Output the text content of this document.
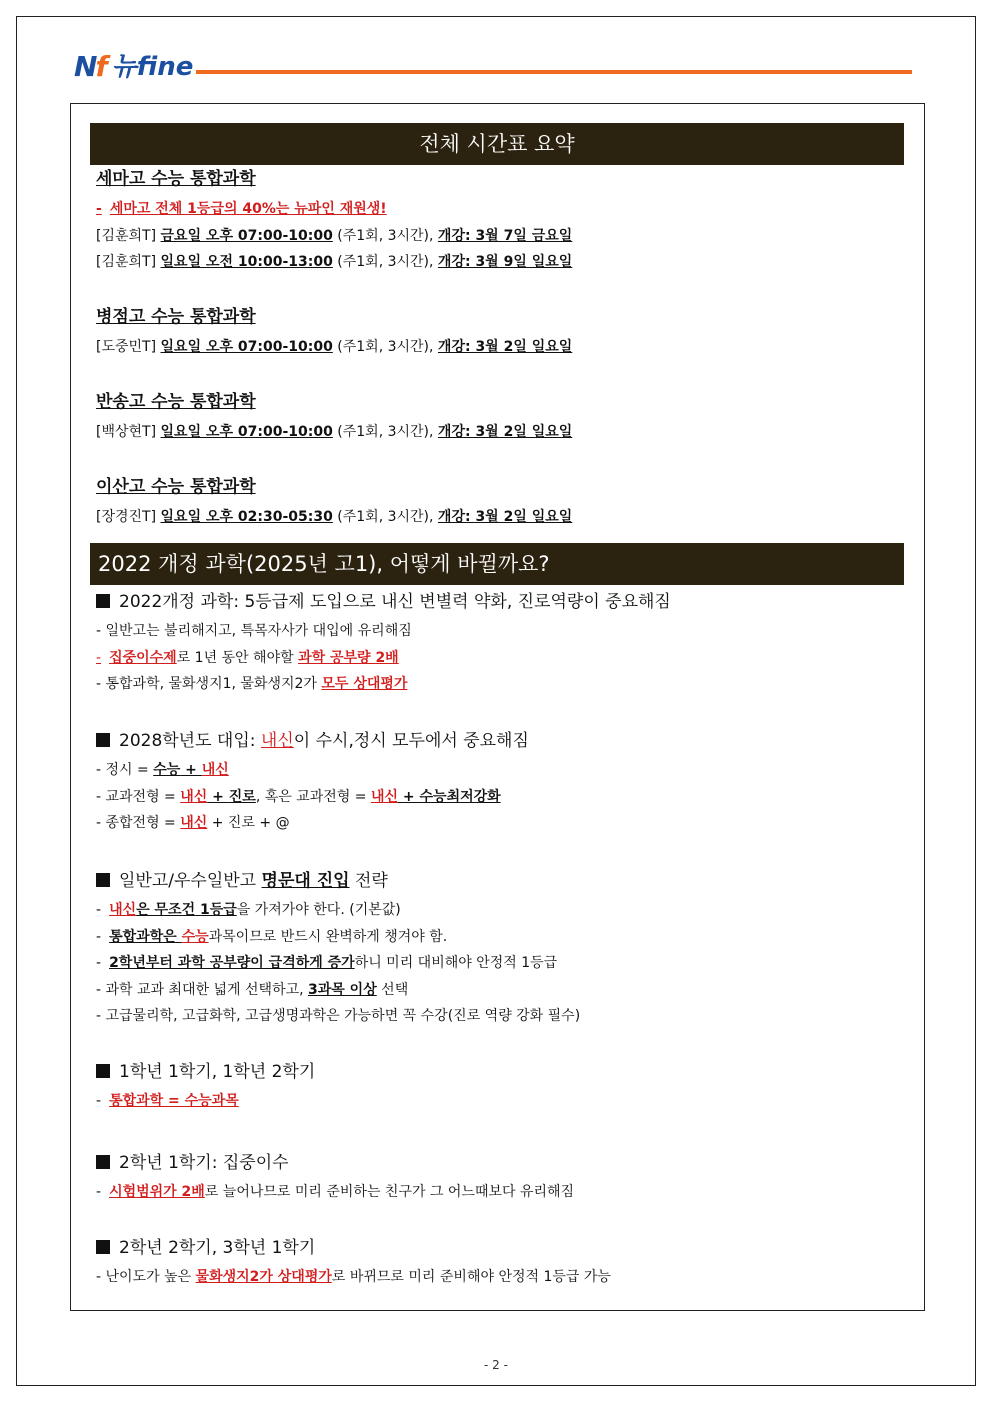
Nf 뉴fine
전체 시간표 요약

세마고 수능 통합과학

- 세마고 전체 1등급의 40%는 뉴파인 재원생!
[김훈희T] 금요일 오후 07:00-10:00 (주1회, 3시간), 개강: 3월 7일 금요일
[김훈희T] 일요일 오전 10:00-13:00 (주1회, 3시간), 개강: 3월 9일 일요일

병점고 수능 통합과학

[도중민T] 일요일 오후 07:00-10:00 (주1회, 3시간), 개강: 3월 2일 일요일

반송고 수능 통합과학

[백상현T] 일요일 오후 07:00-10:00 (주1회, 3시간), 개강: 3월 2일 일요일

이산고 수능 통합과학

[장경진T] 일요일 오후 02:30-05:30 (주1회, 3시간), 개강: 3월 2일 일요일
2022 개정 과학(2025년 고1), 어떻게 바뀔까요?

2022개정 과학: 5등급제 도입으로 내신 변별력 약화, 진로역량이 중요해짐

- 일반고는 불리해지고, 특목자사가 대입에 유리해짐
- 집중이수제로 1년 동안 해야할 과학 공부량 2배
- 통합과학, 물화생지1, 물화생지2가 모두 상대평가

2028학년도 대입: 내신이 수시,정시 모두에서 중요해짐

- 정시 = 수능 + 내신
- 교과전형 = 내신 + 진로, 혹은 교과전형 = 내신 + 수능최저강화
- 종합전형 = 내신 + 진로 + @

일반고/우수일반고 명문대 진입 전략

- 내신은 무조건 1등급을 가져가야 한다. (기본값)
- 통합과학은 수능과목이므로 반드시 완벽하게 챙겨야 함.
- 2학년부터 과학 공부량이 급격하게 증가하니 미리 대비해야 안정적 1등급
- 과학 교과 최대한 넓게 선택하고, 3과목 이상 선택
- 고급물리학, 고급화학, 고급생명과학은 가능하면 꼭 수강(진로 역량 강화 필수)

1학년 1학기, 1학년 2학기

- 통합과학 = 수능과목

2학년 1학기: 집중이수

- 시험범위가 2배로 늘어나므로 미리 준비하는 친구가 그 어느때보다 유리해짐

2학년 2학기, 3학년 1학기

- 난이도가 높은 물화생지2가 상대평가로 바뀌므로 미리 준비해야 안정적 1등급 가능
- 2 -
